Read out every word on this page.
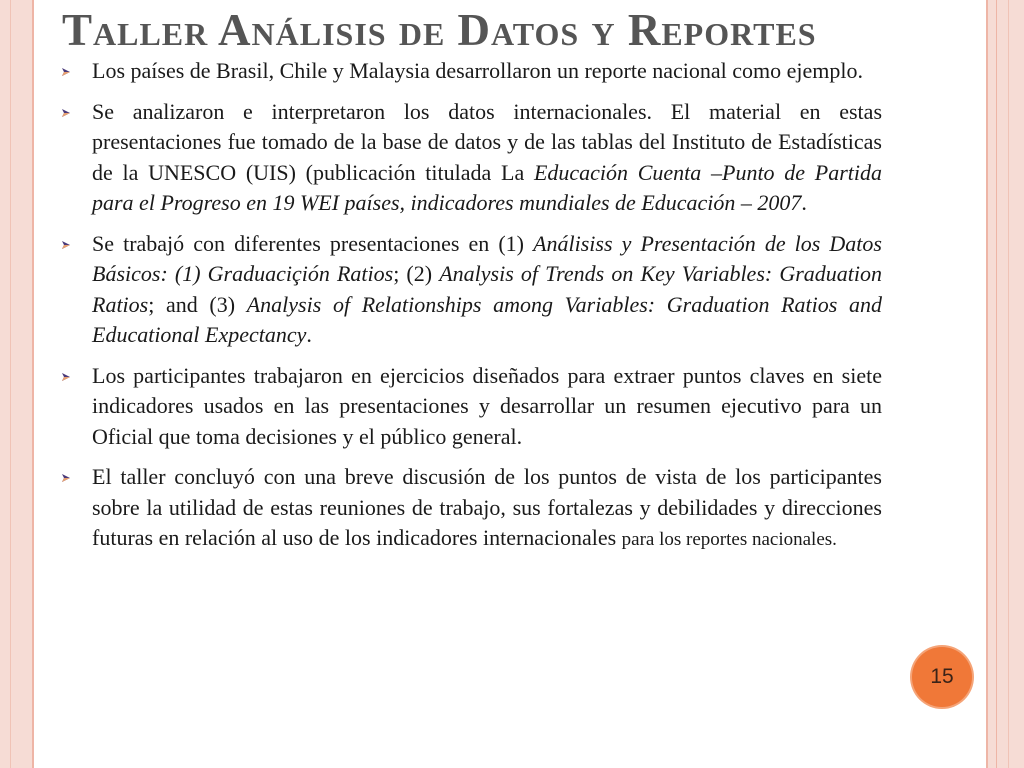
Taller Análisis de Datos y Reportes
Los países de Brasil, Chile y Malaysia desarrollaron un reporte nacional como ejemplo.
Se analizaron e interpretaron los datos internacionales. El material en estas presentaciones fue tomado de la base de datos y de las tablas del Instituto de Estadísticas de la UNESCO (UIS) (publicación titulada La Educación Cuenta –Punto de Partida para el Progreso en 19 WEI países, indicadores mundiales de Educación – 2007.
Se trabajó con diferentes presentaciones en (1) Análisiss y Presentación de los Datos Básicos: (1) Graduaciçión Ratios; (2) Analysis of Trends on Key Variables: Graduation Ratios; and (3) Analysis of Relationships among Variables: Graduation Ratios and Educational Expectancy.
Los participantes trabajaron en ejercicios diseñados para extraer puntos claves en siete indicadores usados en las presentaciones y desarrollar un resumen ejecutivo para un Oficial que toma decisiones y el público general.
El taller concluyó con una breve discusión de los puntos de vista de los participantes sobre la utilidad de estas reuniones de trabajo, sus fortalezas y debilidades y direcciones futuras en relación al uso de los indicadores internacionales para los reportes nacionales.
15
